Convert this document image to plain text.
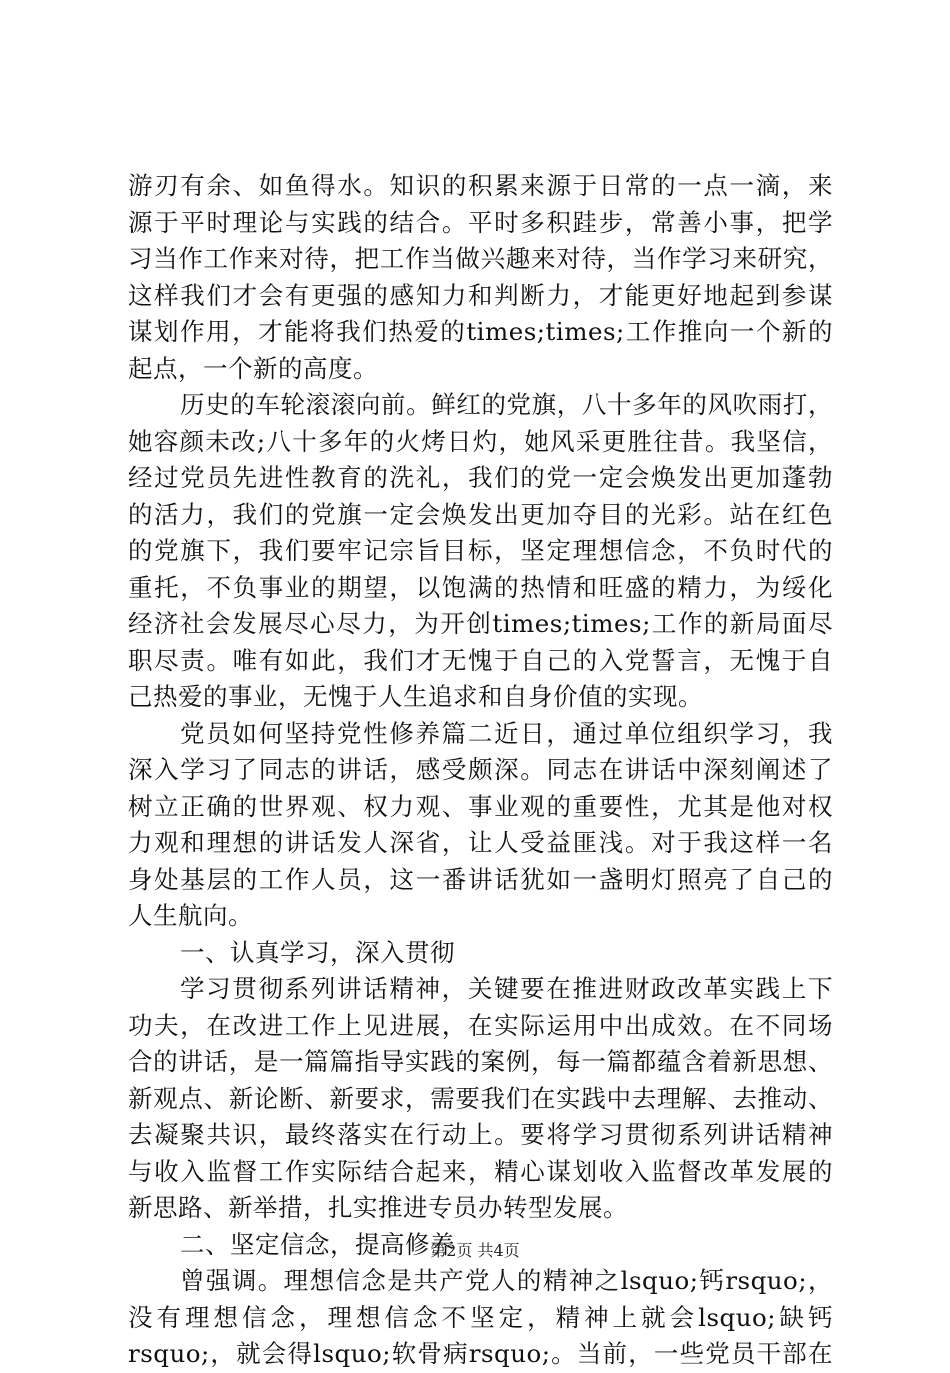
游刃有余、如鱼得水。知识的积累来源于日常的一点一滴，来
源于平时理论与实践的结合。平时多积跬步，常善小事，把学
习当作工作来对待，把工作当做兴趣来对待，当作学习来研究，
这样我们才会有更强的感知力和判断力，才能更好地起到参谋
谋划作用，才能将我们热爱的times;times;工作推向一个新的
起点，一个新的高度。
历史的车轮滚滚向前。鲜红的党旗，八十多年的风吹雨打，
她容颜未改;八十多年的火烤日灼，她风采更胜往昔。我坚信，
经过党员先进性教育的洗礼，我们的党一定会焕发出更加蓬勃
的活力，我们的党旗一定会焕发出更加夺目的光彩。站在红色
的党旗下，我们要牢记宗旨目标，坚定理想信念，不负时代的
重托，不负事业的期望，以饱满的热情和旺盛的精力，为绥化
经济社会发展尽心尽力，为开创times;times;工作的新局面尽
职尽责。唯有如此，我们才无愧于自己的入党誓言，无愧于自
己热爱的事业，无愧于人生追求和自身价值的实现。
党员如何坚持党性修养篇二近日，通过单位组织学习，我
深入学习了同志的讲话，感受颇深。同志在讲话中深刻阐述了
树立正确的世界观、权力观、事业观的重要性，尤其是他对权
力观和理想的讲话发人深省，让人受益匪浅。对于我这样一名
身处基层的工作人员，这一番讲话犹如一盏明灯照亮了自己的
人生航向。
一、认真学习，深入贯彻
学习贯彻系列讲话精神，关键要在推进财政改革实践上下
功夫，在改进工作上见进展，在实际运用中出成效。在不同场
合的讲话，是一篇篇指导实践的案例，每一篇都蕴含着新思想、
新观点、新论断、新要求，需要我们在实践中去理解、去推动、
去凝聚共识，最终落实在行动上。要将学习贯彻系列讲话精神
与收入监督工作实际结合起来，精心谋划收入监督改革发展的
新思路、新举措，扎实推进专员办转型发展。
二、坚定信念，提高修养
曾强调。理想信念是共产党人的精神之lsquo;钙rsquo;，
没有理想信念，理想信念不坚定，精神上就会lsquo;缺钙
rsquo;，就会得lsquo;软骨病rsquo;。当前，一些党员干部在
第2页 共4页
